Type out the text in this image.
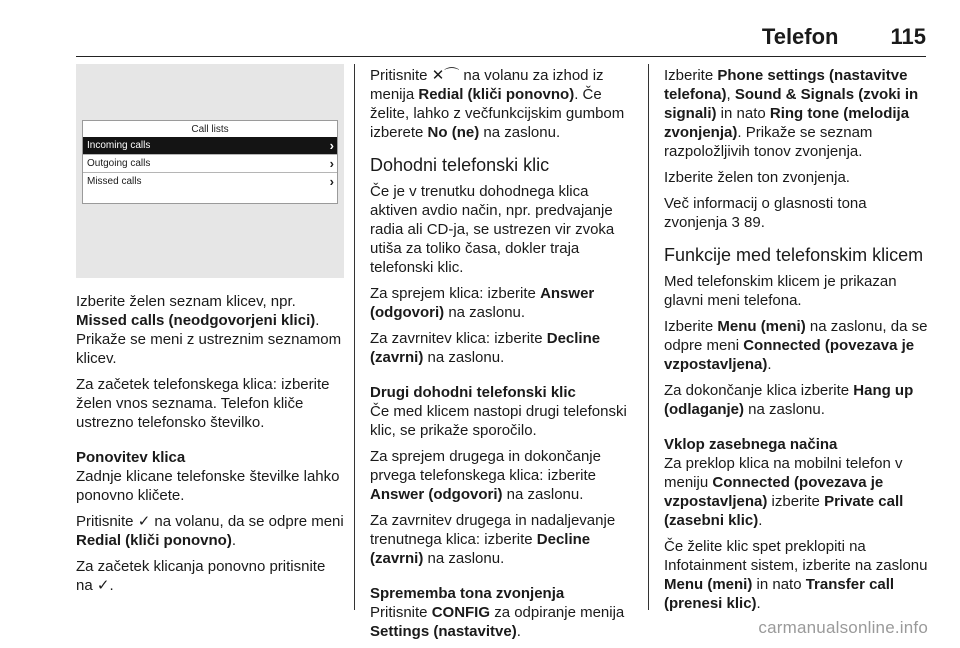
Telefon 115
Call lists
Incoming calls	›
Outgoing calls	›
Missed calls	›

Izberite želen seznam klicev, npr. Missed calls (neodgovorjeni klici). Prikaže se meni z ustreznim seznamom klicev.

Za začetek telefonskega klica: izberite želen vnos seznama. Telefon kliče ustrezno telefonsko številko.

Ponovitev klica

Zadnje klicane telefonske številke lahko ponovno kličete.

Pritisnite ✓ na volanu, da se odpre meni Redial (kliči ponovno).

Za začetek klicanja ponovno pritisnite na ✓.

Pritisnite ✕⌒ na volanu za izhod iz menija Redial (kliči ponovno). Če želite, lahko z večfunkcijskim gumbom izberete No (ne) na zaslonu.

Dohodni telefonski klic

Če je v trenutku dohodnega klica aktiven avdio način, npr. predvajanje radia ali CD-ja, se ustrezen vir zvoka utiša za toliko časa, dokler traja telefonski klic.

Za sprejem klica: izberite Answer (odgovori) na zaslonu.

Za zavrnitev klica: izberite Decline (zavrni) na zaslonu.

Drugi dohodni telefonski klic

Če med klicem nastopi drugi telefonski klic, se prikaže sporočilo.

Za sprejem drugega in dokončanje prvega telefonskega klica: izberite Answer (odgovori) na zaslonu.

Za zavrnitev drugega in nadaljevanje trenutnega klica: izberite Decline (zavrni) na zaslonu.

Sprememba tona zvonjenja

Pritisnite CONFIG za odpiranje menija Settings (nastavitve).

Izberite Phone settings (nastavitve telefona), Sound & Signals (zvoki in signali) in nato Ring tone (melodija zvonjenja). Prikaže se seznam razpoložljivih tonov zvonjenja.

Izberite želen ton zvonjenja.

Več informacij o glasnosti tona zvonjenja 3 89.

Funkcije med telefonskim klicem

Med telefonskim klicem je prikazan glavni meni telefona.

Izberite Menu (meni) na zaslonu, da se odpre meni Connected (povezava je vzpostavljena).

Za dokončanje klica izberite Hang up (odlaganje) na zaslonu.

Vklop zasebnega načina

Za preklop klica na mobilni telefon v meniju Connected (povezava je vzpostavljena) izberite Private call (zasebni klic).

Če želite klic spet preklopiti na Infotainment sistem, izberite na zaslonu Menu (meni) in nato Transfer call (prenesi klic).

carmanualsonline.info
